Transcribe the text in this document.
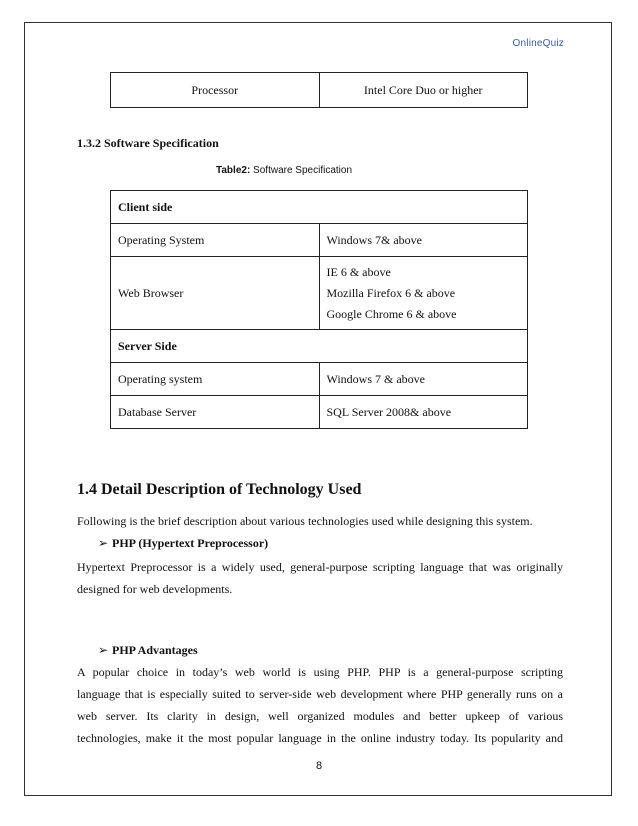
OnlineQuiz
Processor	Intel Core Duo or higher
1.3.2 Software Specification
Table2: Software Specification
Client side	
Operating System	Windows 7& above
Web Browser	IE 6 & above
Mozilla Firefox 6 & above
Google Chrome 6 & above

Server Side	
Operating system	Windows 7 & above
Database Server	SQL Server 2008& above
1.4 Detail Description of Technology Used
Following is the brief description about various technologies used while designing this system.
➢ PHP (Hypertext Preprocessor)
Hypertext Preprocessor is a widely used, general-purpose scripting language that was originally
designed for web developments.
➢ PHP Advantages
A popular choice in today’s web world is using PHP. PHP is a general-purpose scripting
language that is especially suited to server-side web development where PHP generally runs on a
web server. Its clarity in design, well organized modules and better upkeep of various
technologies, make it the most popular language in the online industry today. Its popularity and
8
